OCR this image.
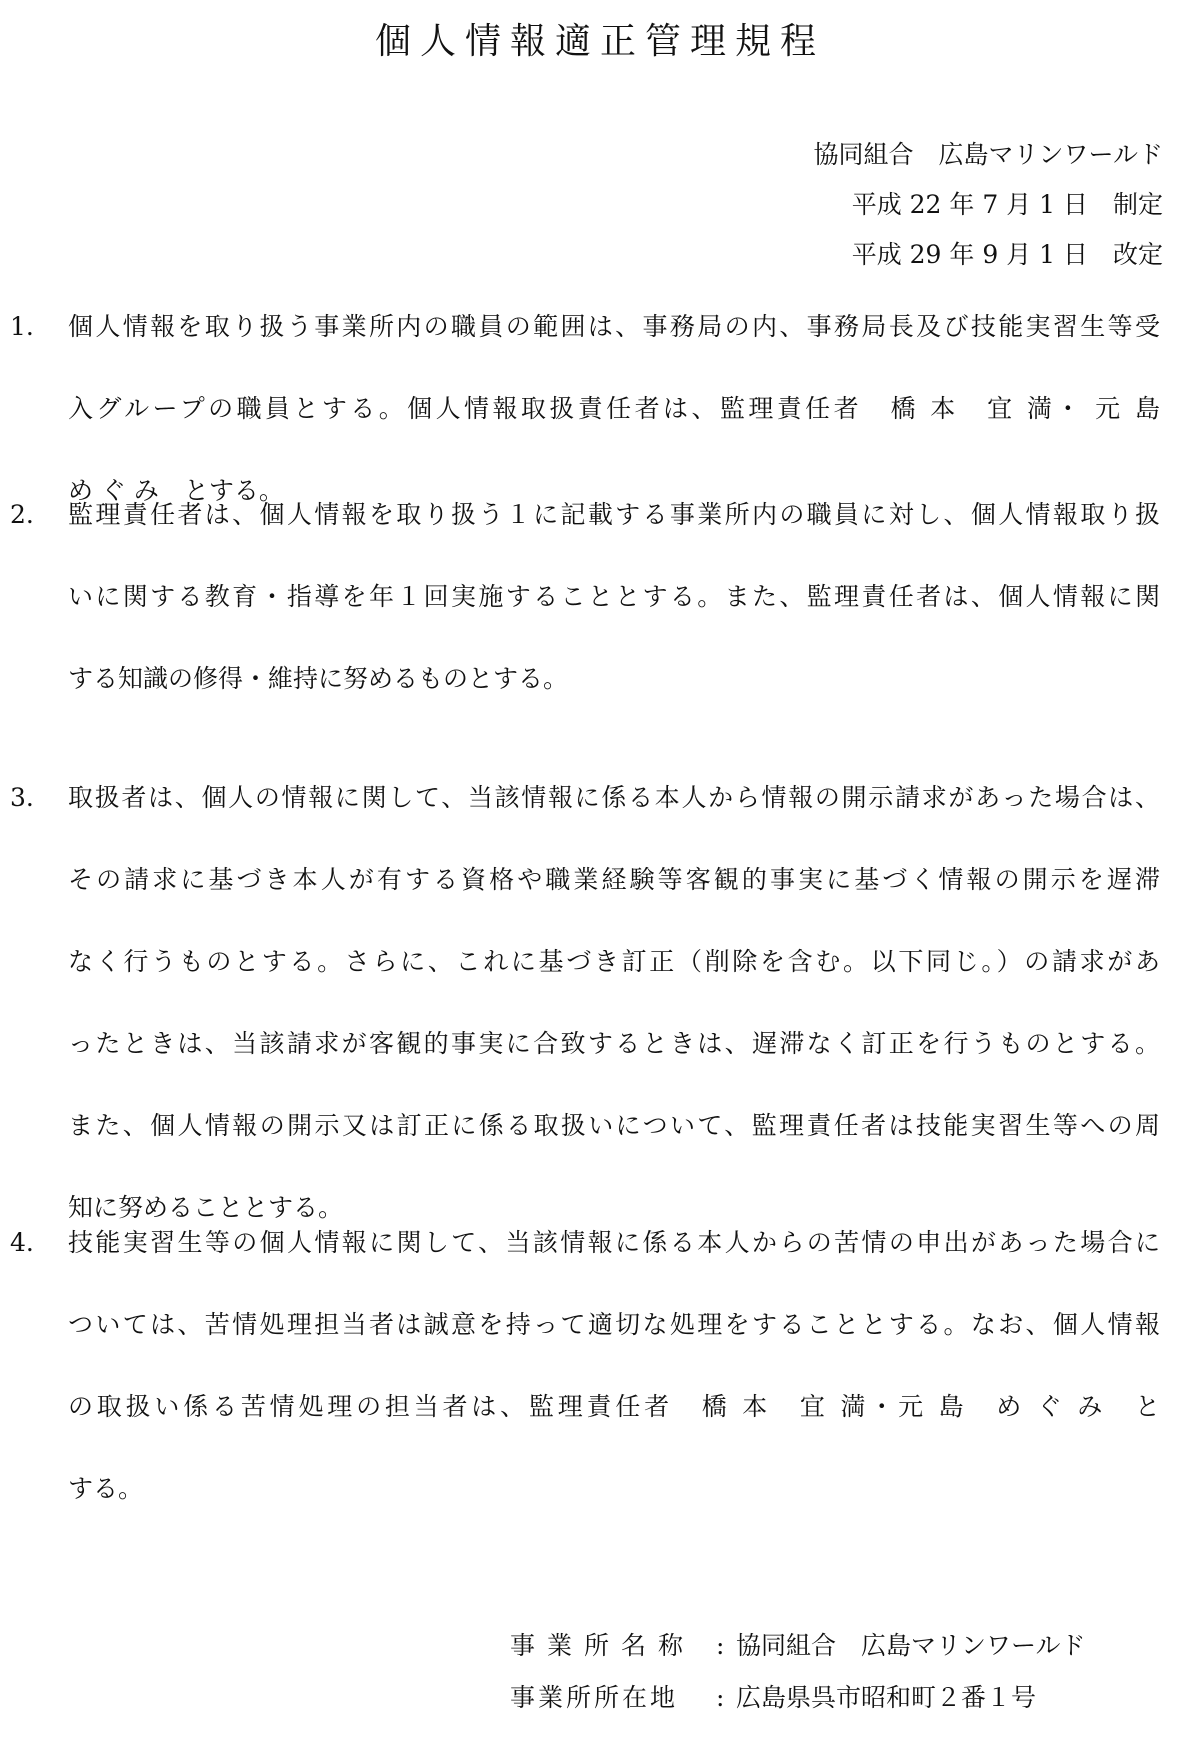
個人情報適正管理規程
協同組合　広島マリンワールド
平成 22 年 7 月 1 日　制定
平成 29 年 9 月 1 日　改定
1. 個人情報を取り扱う事業所内の職員の範囲は、事務局の内、事務局長及び技能実習生等受
入グループの職員とする。個人情報取扱責任者は、監理責任者　橋 本　宜 満・ 元 島
め ぐ み　とする。
2. 監理責任者は、個人情報を取り扱う１に記載する事業所内の職員に対し、個人情報取り扱
いに関する教育・指導を年１回実施することとする。また、監理責任者は、個人情報に関
する知識の修得・維持に努めるものとする。
3. 取扱者は、個人の情報に関して、当該情報に係る本人から情報の開示請求があった場合は、
その請求に基づき本人が有する資格や職業経験等客観的事実に基づく情報の開示を遅滞
なく行うものとする。さらに、これに基づき訂正（削除を含む。以下同じ。）の請求があ
ったときは、当該請求が客観的事実に合致するときは、遅滞なく訂正を行うものとする。
また、個人情報の開示又は訂正に係る取扱いについて、監理責任者は技能実習生等への周
知に努めることとする。
4. 技能実習生等の個人情報に関して、当該情報に係る本人からの苦情の申出があった場合に
ついては、苦情処理担当者は誠意を持って適切な処理をすることとする。なお、個人情報
の取扱い係る苦情処理の担当者は、監理責任者　橋 本　宜 満・元 島　め ぐ み　と
する。
事業所名称 : 協同組合　広島マリンワールド
事業所所在地 : 広島県呉市昭和町２番１号
